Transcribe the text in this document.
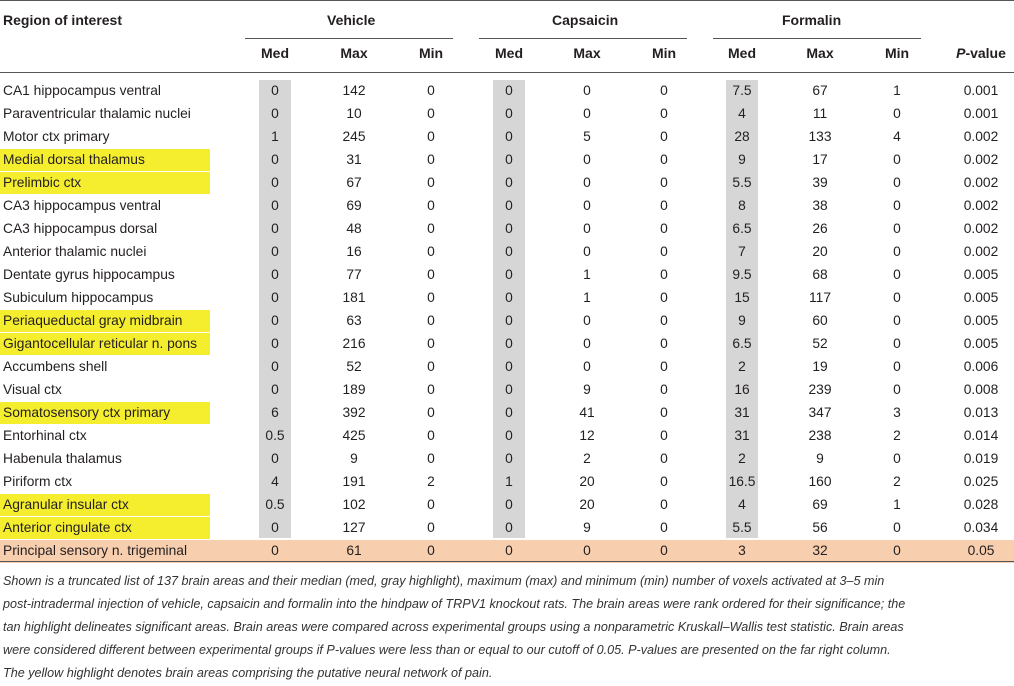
Region of interest	Vehicle	Capsaicin	Formalin
Med	Max	Min	Med	Max	Min	Med	Max	Min	P-value
CA1 hippocampus ventral	0	142	0	0	0	0	7.5	67	1	0.001
Paraventricular thalamic nuclei	0	10	0	0	0	0	4	11	0	0.001
Motor ctx primary	1	245	0	0	5	0	28	133	4	0.002
Medial dorsal thalamus	0	31	0	0	0	0	9	17	0	0.002
Prelimbic ctx	0	67	0	0	0	0	5.5	39	0	0.002
CA3 hippocampus ventral	0	69	0	0	0	0	8	38	0	0.002
CA3 hippocampus dorsal	0	48	0	0	0	0	6.5	26	0	0.002
Anterior thalamic nuclei	0	16	0	0	0	0	7	20	0	0.002
Dentate gyrus hippocampus	0	77	0	0	1	0	9.5	68	0	0.005
Subiculum hippocampus	0	181	0	0	1	0	15	117	0	0.005
Periaqueductal gray midbrain	0	63	0	0	0	0	9	60	0	0.005
Gigantocellular reticular n. pons	0	216	0	0	0	0	6.5	52	0	0.005
Accumbens shell	0	52	0	0	0	0	2	19	0	0.006
Visual ctx	0	189	0	0	9	0	16	239	0	0.008
Somatosensory ctx primary	6	392	0	0	41	0	31	347	3	0.013
Entorhinal ctx	0.5	425	0	0	12	0	31	238	2	0.014
Habenula thalamus	0	9	0	0	2	0	2	9	0	0.019
Piriform ctx	4	191	2	1	20	0	16.5	160	2	0.025
Agranular insular ctx	0.5	102	0	0	20	0	4	69	1	0.028
Anterior cingulate ctx	0	127	0	0	9	0	5.5	56	0	0.034
Principal sensory n. trigeminal	0	61	0	0	0	0	3	32	0	0.05
Shown is a truncated list of 137 brain areas and their median (med, gray highlight), maximum (max) and minimum (min) number of voxels activated at 3–5 min
post-intradermal injection of vehicle, capsaicin and formalin into the hindpaw of TRPV1 knockout rats. The brain areas were rank ordered for their significance; the
tan highlight delineates significant areas. Brain areas were compared across experimental groups using a nonparametric Kruskall–Wallis test statistic. Brain areas
were considered different between experimental groups if P-values were less than or equal to our cutoff of 0.05. P-values are presented on the far right column.
The yellow highlight denotes brain areas comprising the putative neural network of pain.
